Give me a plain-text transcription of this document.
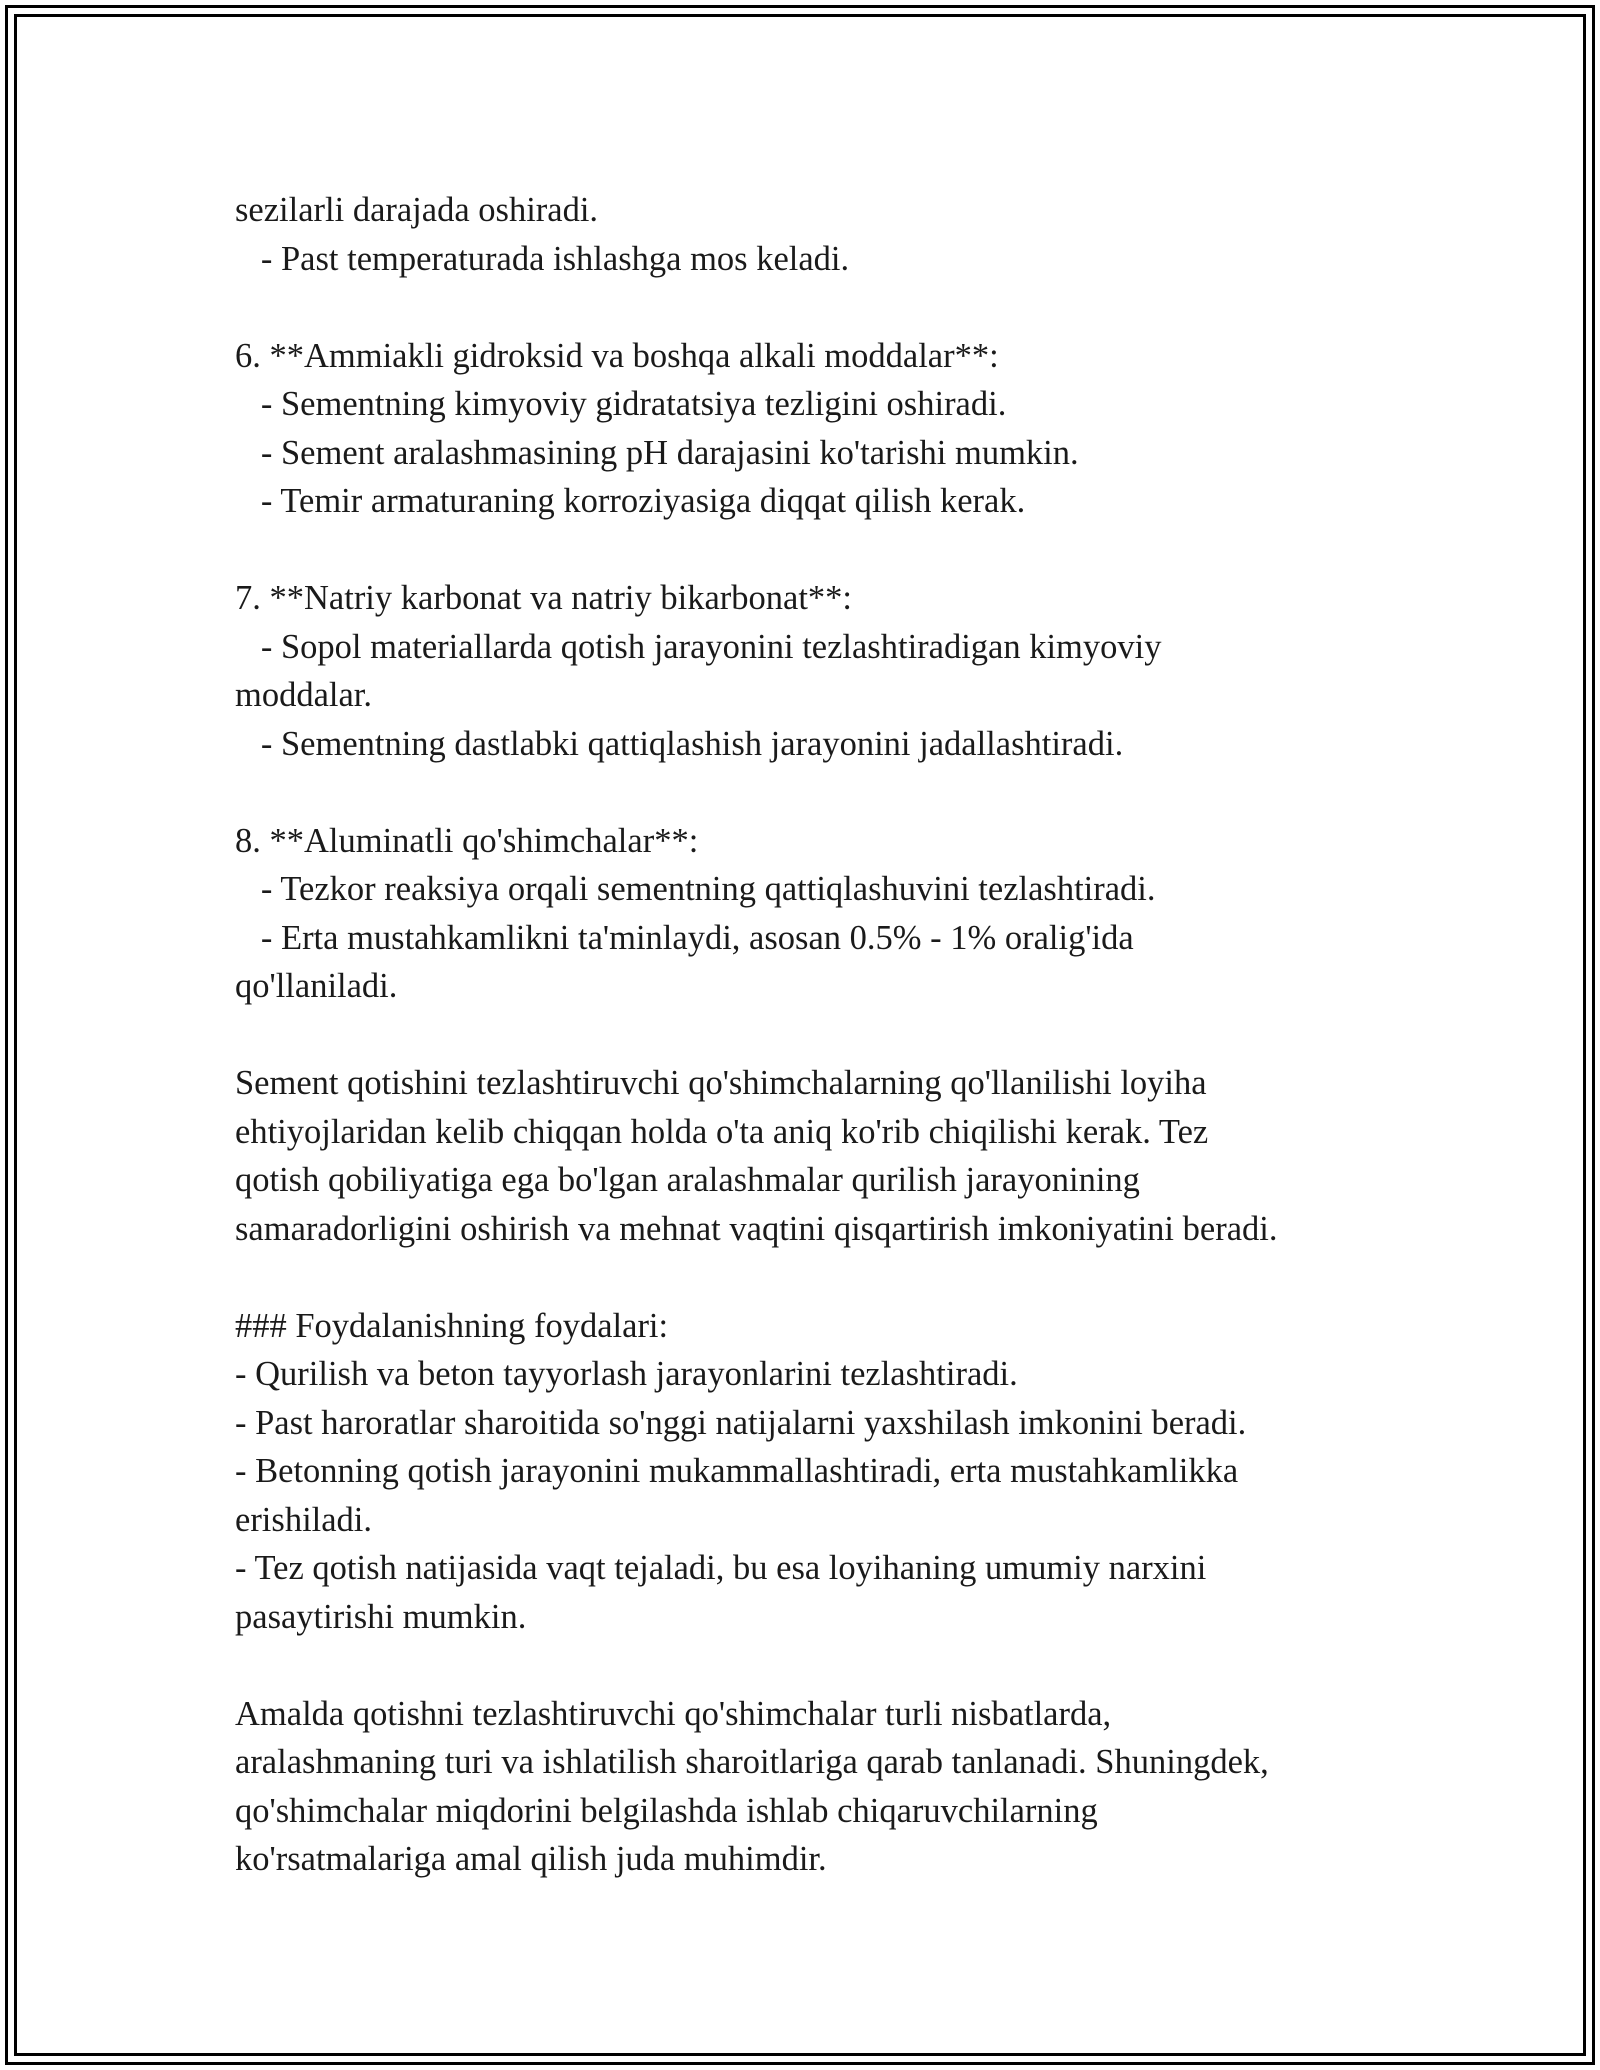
sezilarli darajada oshiradi.
- Past temperaturada ishlashga mos keladi.
6. **Ammiakli gidroksid va boshqa alkali moddalar**:
- Sementning kimyoviy gidratatsiya tezligini oshiradi.
- Sement aralashmasining pH darajasini ko'tarishi mumkin.
- Temir armaturaning korroziyasiga diqqat qilish kerak.
7. **Natriy karbonat va natriy bikarbonat**:
- Sopol materiallarda qotish jarayonini tezlashtiradigan kimyoviy
moddalar.
- Sementning dastlabki qattiqlashish jarayonini jadallashtiradi.
8. **Aluminatli qo'shimchalar**:
- Tezkor reaksiya orqali sementning qattiqlashuvini tezlashtiradi.
- Erta mustahkamlikni ta'minlaydi, asosan 0.5% - 1% oralig'ida
qo'llaniladi.
Sement qotishini tezlashtiruvchi qo'shimchalarning qo'llanilishi loyiha
ehtiyojlaridan kelib chiqqan holda o'ta aniq ko'rib chiqilishi kerak. Tez
qotish qobiliyatiga ega bo'lgan aralashmalar qurilish jarayonining
samaradorligini oshirish va mehnat vaqtini qisqartirish imkoniyatini beradi.
### Foydalanishning foydalari:
- Qurilish va beton tayyorlash jarayonlarini tezlashtiradi.
- Past haroratlar sharoitida so'nggi natijalarni yaxshilash imkonini beradi.
- Betonning qotish jarayonini mukammallashtiradi, erta mustahkamlikka
erishiladi.
- Tez qotish natijasida vaqt tejaladi, bu esa loyihaning umumiy narxini
pasaytirishi mumkin.
Amalda qotishni tezlashtiruvchi qo'shimchalar turli nisbatlarda,
aralashmaning turi va ishlatilish sharoitlariga qarab tanlanadi. Shuningdek,
qo'shimchalar miqdorini belgilashda ishlab chiqaruvchilarning
ko'rsatmalariga amal qilish juda muhimdir.
